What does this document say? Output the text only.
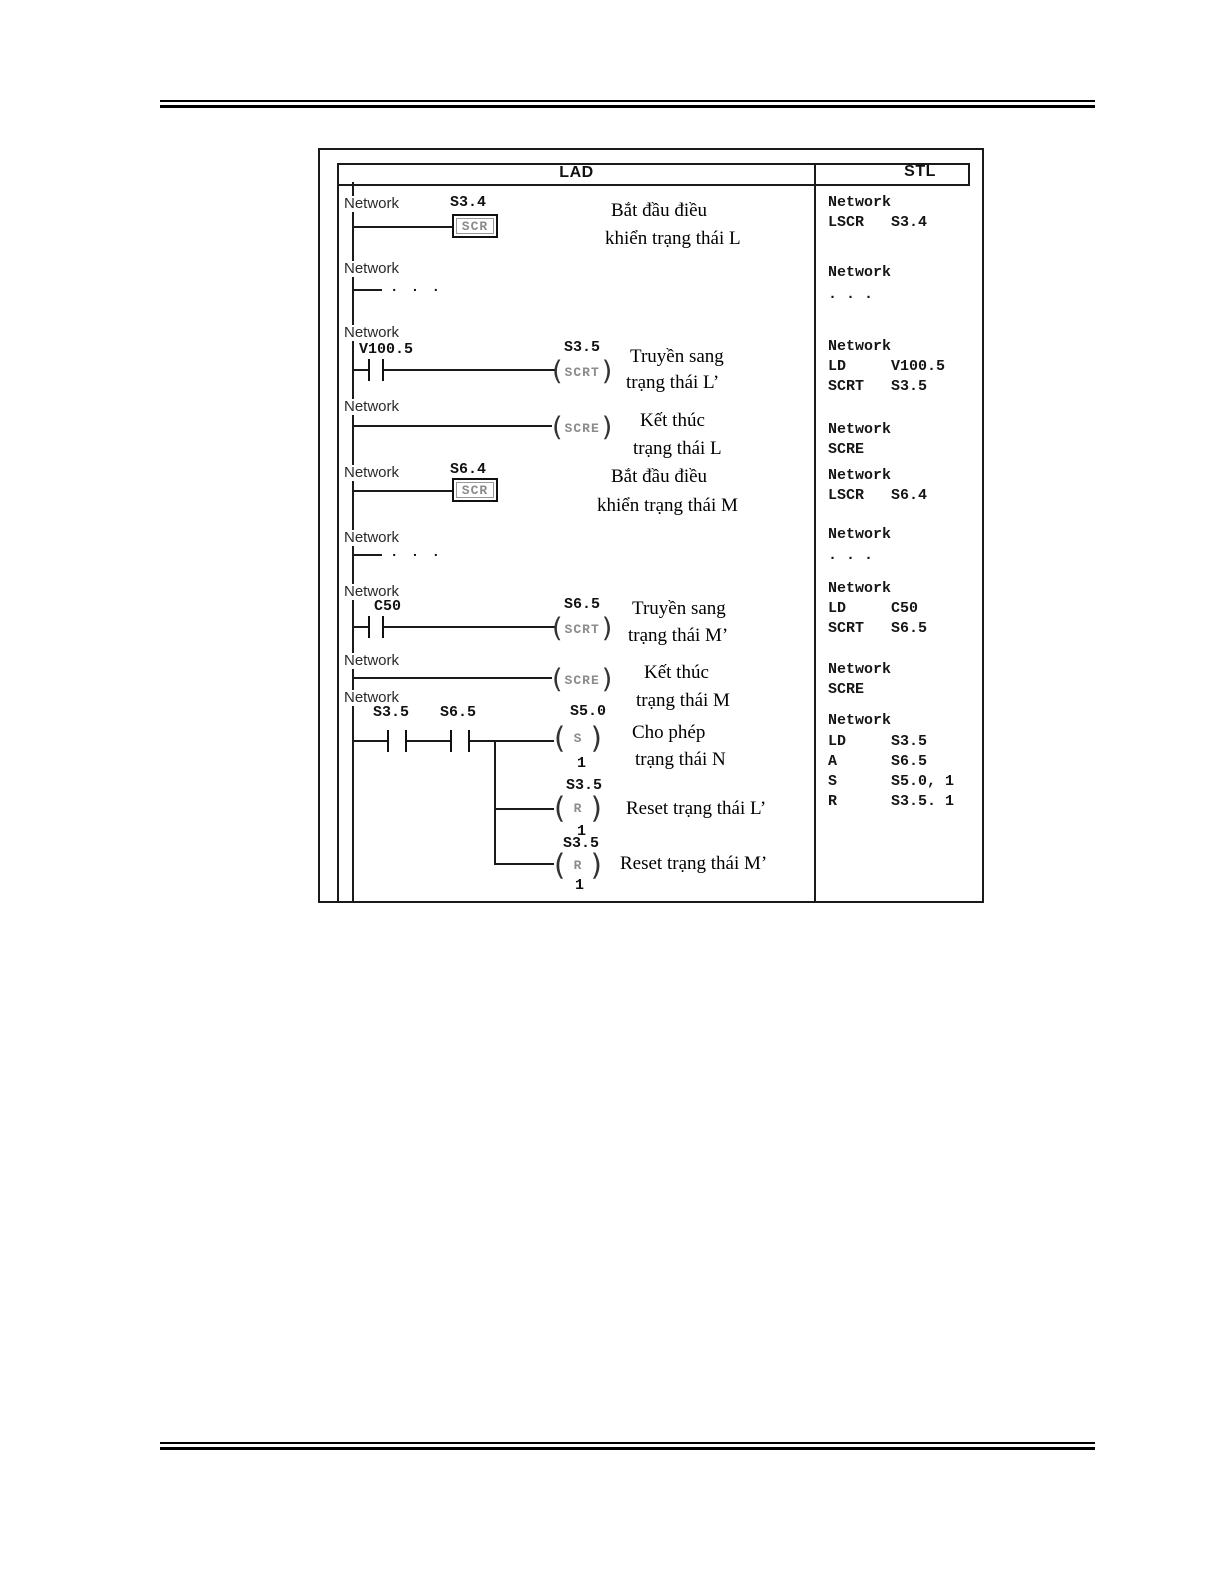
LAD	STL
Network	S3.4
SCR
Bắt đầu điều
khiển trạng thái L
Network
LSCR S3.4
Network
. . .
Network
. . .
Network
V100.5	S3.5
( SCRT ) Truyền sang
trạng thái L’
Network
LD	V100.5
SCRT S3.5
Network
( SCRE ) Kết thúc
trạng thái L
Network
SCRE
Network	S6.4
SCR
Bắt đầu điều
khiển trạng thái M
Network
LSCR S6.4
Network
. . .
Network
. . .
Network
C50	S6.5
( SCRT )
Truyền sang
trạng thái M’
Network
LD	C50
SCRT S6.5
Network
( SCRE ) Kết thúc
trạng thái M
Network
SCRE
Network
S3.5 S6.5	S5.0
( S )
1
Cho phép
trạng thái N
S3.5
( R )
1
Reset trạng thái L’
S3.5
( R )
1
Reset trạng thái M’
Network
LD	S3.5
A	S6.5
S	S5.0, 1
R	S3.5. 1
